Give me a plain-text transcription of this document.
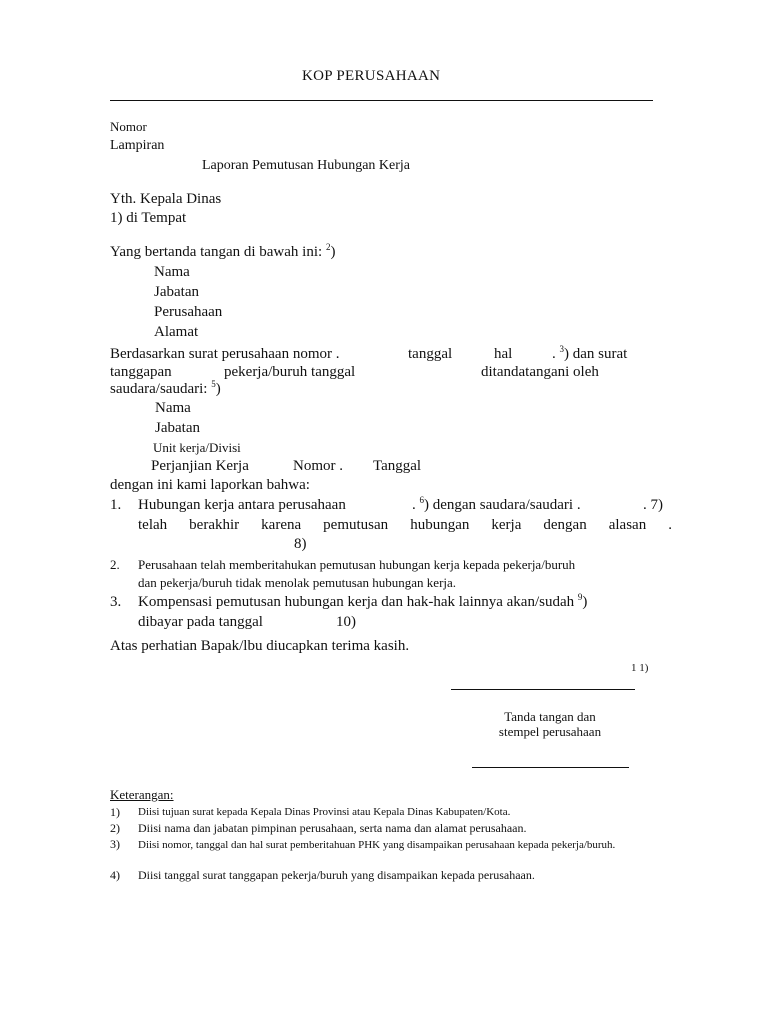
KOP PERUSAHAAN
Nomor
Lampiran
Laporan Pemutusan Hubungan Kerja
Yth. Kepala Dinas
1) di Tempat
Yang bertanda tangan di bawah ini: $^2$)
Nama
Jabatan
Perusahaan
Alamat
Berdasarkan surat perusahaan nomor .	tanggal	hal	. $^3$) dan surat
tanggapan	pekerja/buruh tanggal	ditandatangani oleh
saudara/saudari: $^5$)
Nama
Jabatan
Unit kerja/Divisi
Perjanjian Kerja	Nomor . Tanggal
dengan ini kami laporkan bahwa:
1. Hubungan kerja antara perusahaan	. $^6$) dengan saudara/saudari .	. 7)
telah berakhir karena pemutusan hubungan kerja dengan alasan .
8)
2. Perusahaan telah memberitahukan pemutusan hubungan kerja kepada pekerja/buruh
dan pekerja/buruh tidak menolak pemutusan hubungan kerja.
3. Kompensasi pemutusan hubungan kerja dan hak-hak lainnya akan/sudah $^9$)
dibayar pada tanggal	10)
Atas perhatian Bapak/lbu diucapkan terima kasih.
1 1)
Tanda tangan dan
stempel perusahaan
Keterangan:
1) Diisi tujuan surat kepada Kepala Dinas Provinsi atau Kepala Dinas Kabupaten/Kota.
2) Diisi nama dan jabatan pimpinan perusahaan, serta nama dan alamat perusahaan.
3) Diisi nomor, tanggal dan hal surat pemberitahuan PHK yang disampaikan perusahaan kepada pekerja/buruh.
4) Diisi tanggal surat tanggapan pekerja/buruh yang disampaikan kepada perusahaan.
